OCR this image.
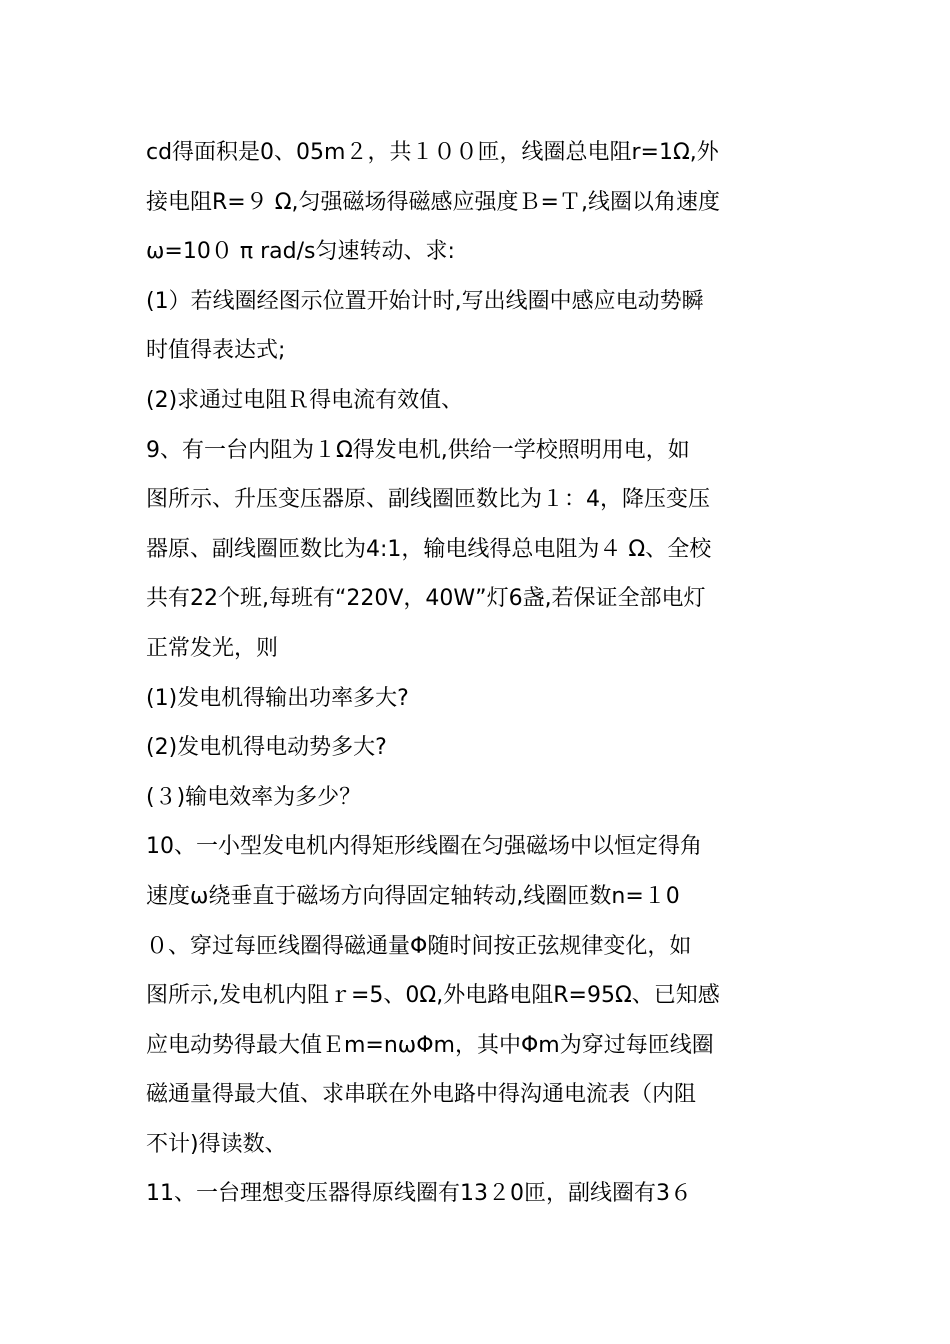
cd得面积是0、05m２，共１００匝，线圈总电阻r=1Ω,外
接电阻R=９ Ω,匀强磁场得磁感应强度Ｂ=Ｔ,线圈以角速度
ω=10０ π rad/s匀速转动、求:
(1）若线圈经图示位置开始计时,写出线圈中感应电动势瞬
时值得表达式;
(2)求通过电阻Ｒ得电流有效值、
9、有一台内阻为１Ω得发电机,供给一学校照明用电，如
图所示、升压变压器原、副线圈匝数比为１：4，降压变压
器原、副线圈匝数比为4:1，输电线得总电阻为４ Ω、全校
共有22个班,每班有“220V，40W”灯6盏,若保证全部电灯
正常发光，则
(1)发电机得输出功率多大?
(2)发电机得电动势多大?
(３)输电效率为多少？
10、一小型发电机内得矩形线圈在匀强磁场中以恒定得角
速度ω绕垂直于磁场方向得固定轴转动,线圈匝数n=１0
０、穿过每匝线圈得磁通量Φ随时间按正弦规律变化，如
图所示,发电机内阻ｒ=5、0Ω,外电路电阻R=95Ω、已知感
应电动势得最大值Ｅm=nωΦm，其中Φm为穿过每匝线圈
磁通量得最大值、求串联在外电路中得沟通电流表（内阻
不计)得读数、
11、一台理想变压器得原线圈有13２0匝，副线圈有3６
